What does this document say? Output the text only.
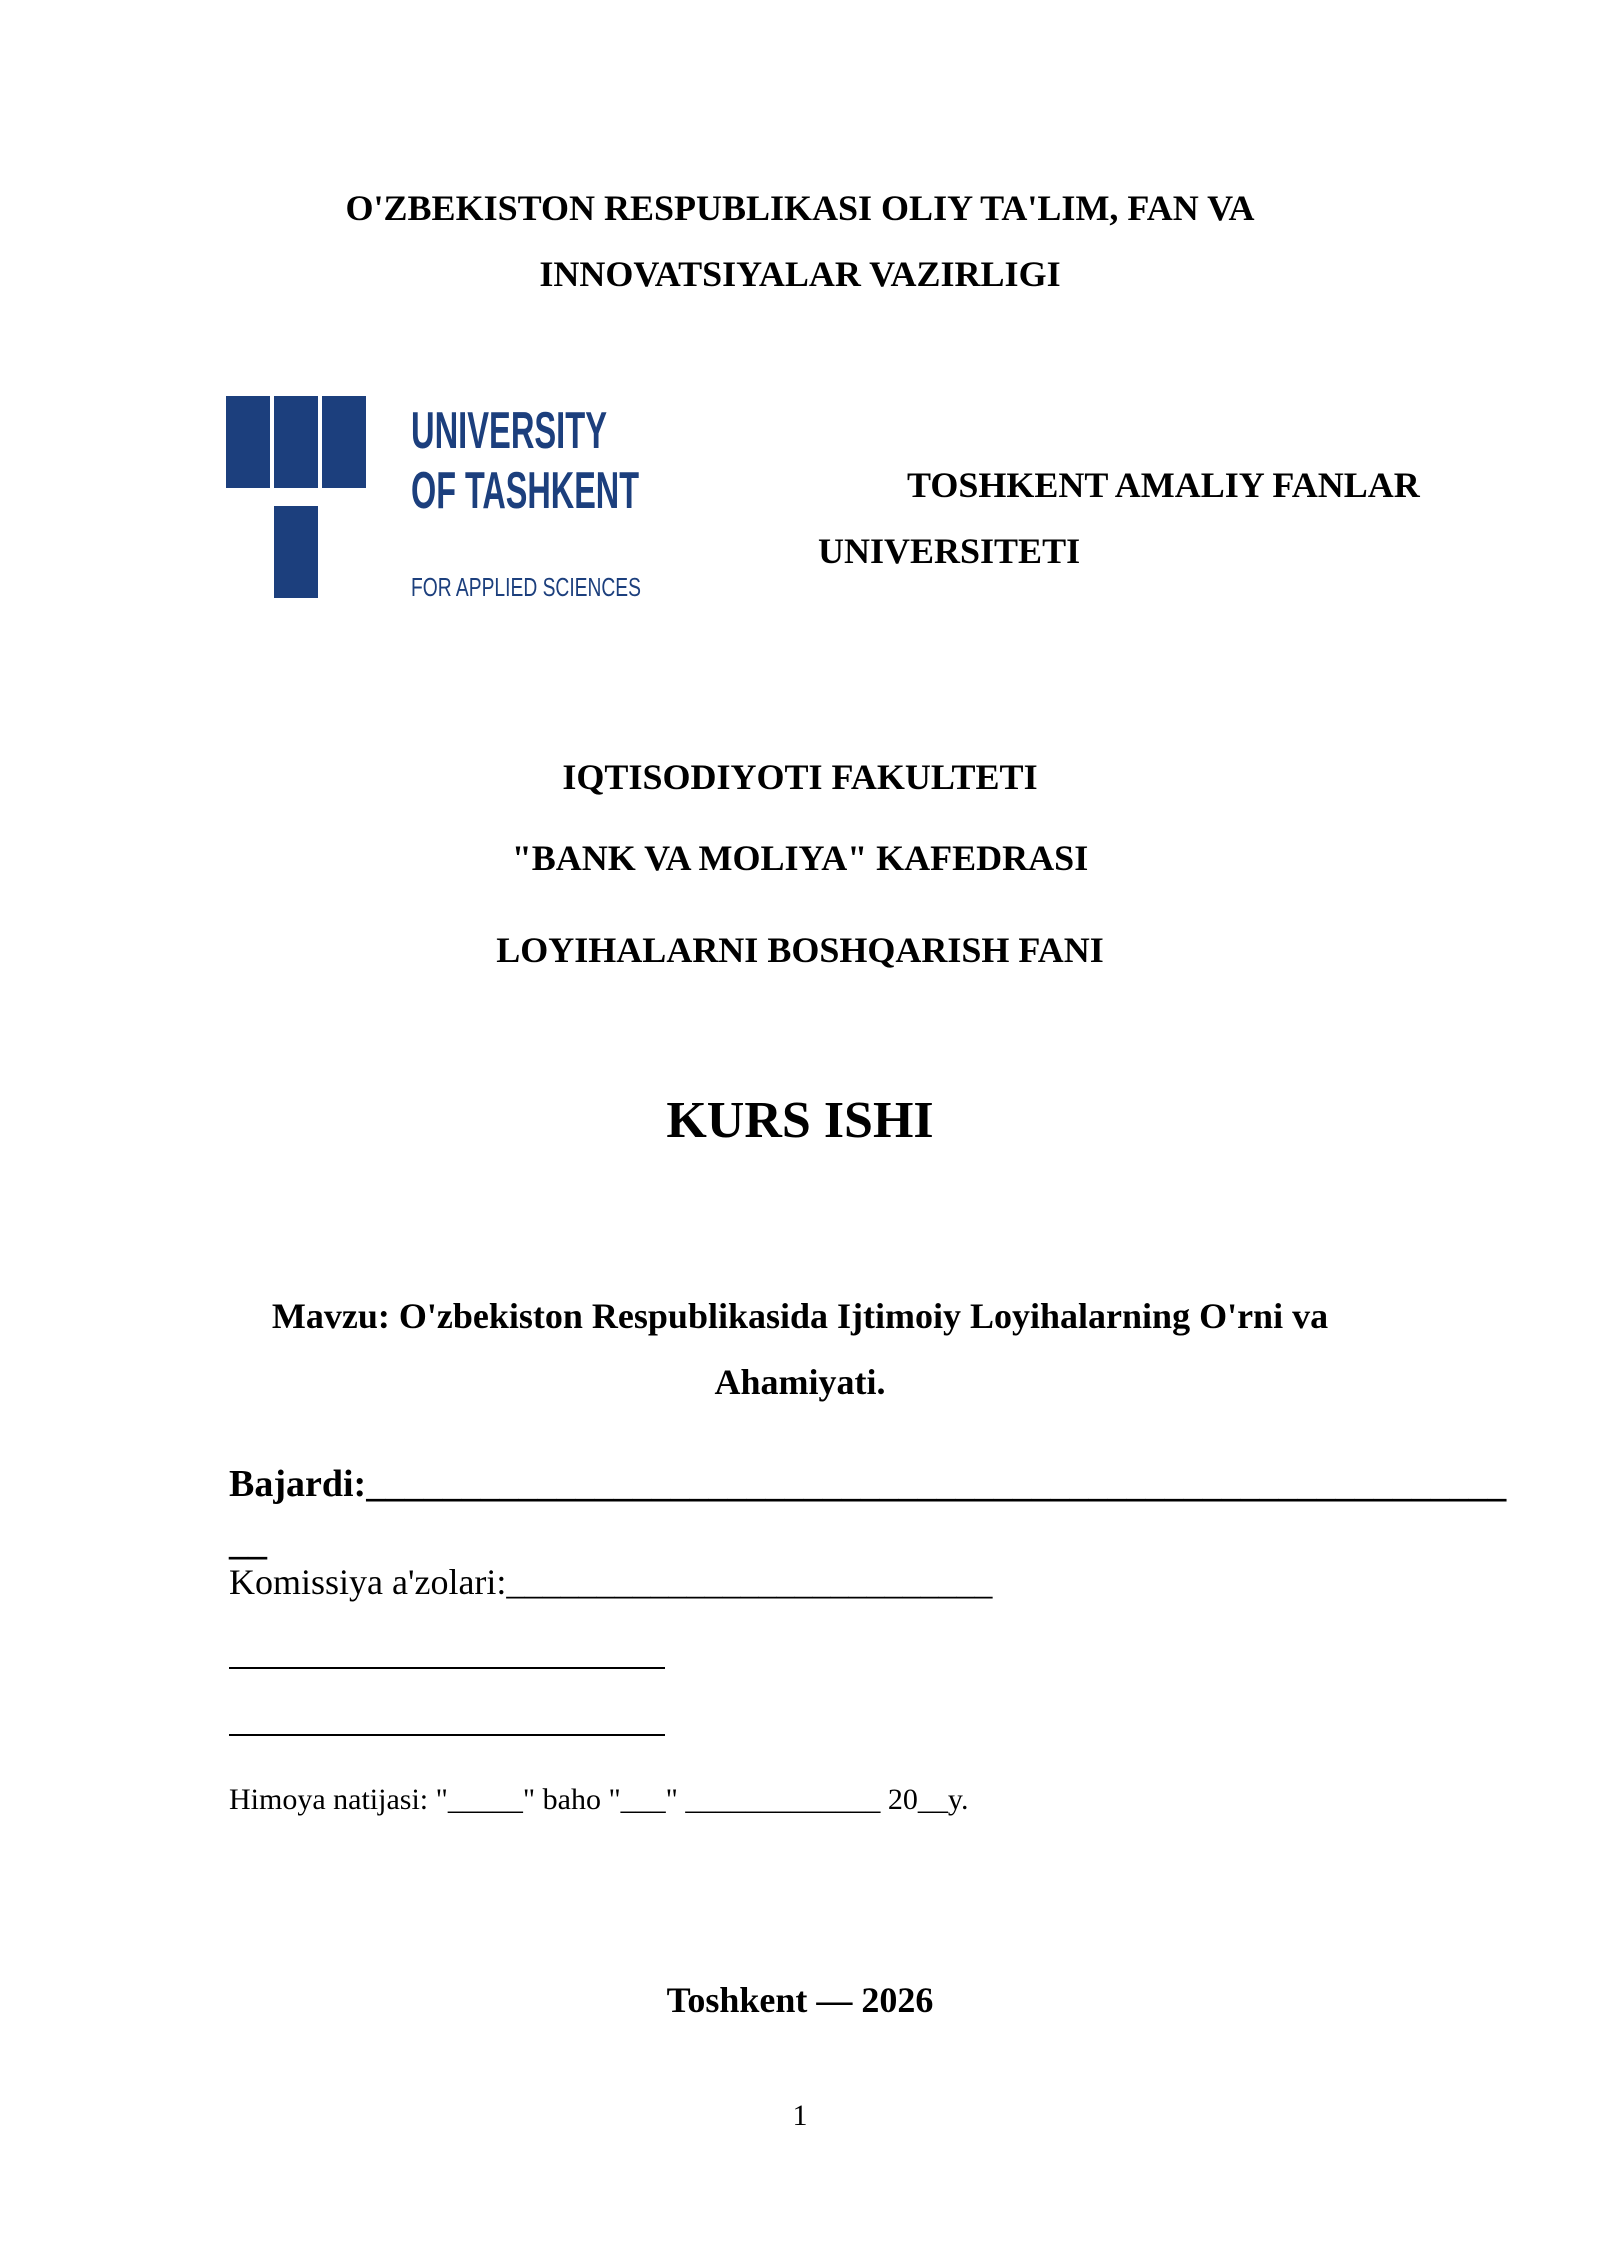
O'ZBEKISTON RESPUBLIKASI OLIY TA'LIM, FAN VA
INNOVATSIYALAR VAZIRLIGI
UNIVERSITY
OF TASHKENT
FOR APPLIED SCIENCES
TOSHKENT AMALIY FANLAR
UNIVERSITETI
IQTISODIYOTI FAKULTETI
"BANK VA MOLIYA" KAFEDRASI
LOYIHALARNI BOSHQARISH FANI
KURS ISHI
Mavzu: O'zbekiston Respublikasida Ijtimoiy Loyihalarning O'rni va
Ahamiyati.
Bajardi:____________________________________________________________
__
Komissiya a'zolari:___________________________
Himoya natijasi: "_____" baho "___" _____________ 20__y.
Toshkent — 2026
1
